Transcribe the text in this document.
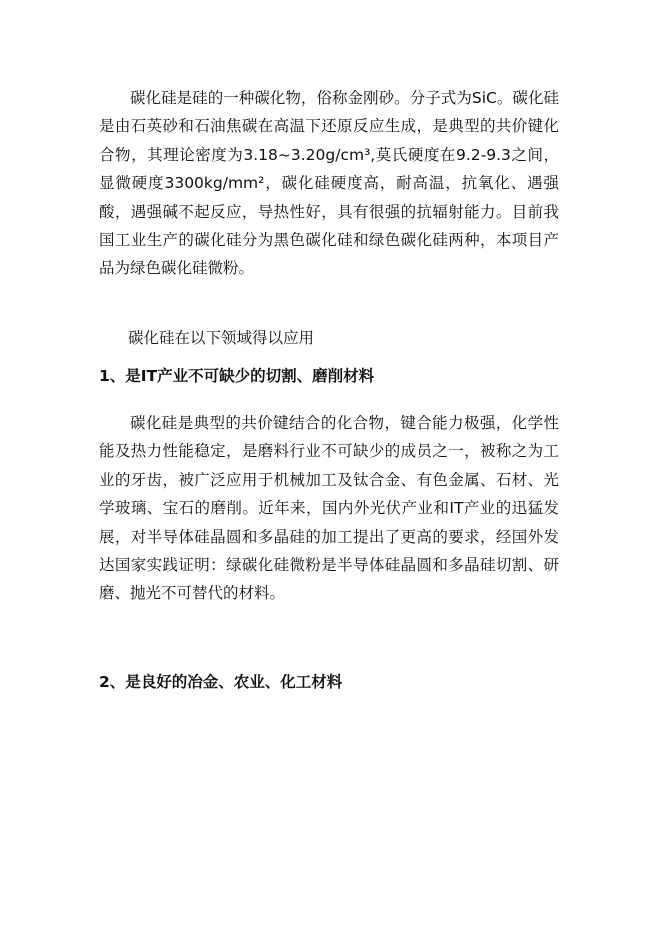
碳化硅是硅的一种碳化物，俗称金刚砂。分子式为SiC。碳化硅是由石英砂和石油焦碳在高温下还原反应生成，是典型的共价键化合物，其理论密度为3.18~3.20g/cm³,莫氏硬度在9.2-9.3之间，显微硬度3300kg/mm²，碳化硅硬度高，耐高温，抗氧化、遇强酸，遇强碱不起反应，导热性好，具有很强的抗辐射能力。目前我国工业生产的碳化硅分为黑色碳化硅和绿色碳化硅两种，本项目产品为绿色碳化硅微粉。

碳化硅在以下领域得以应用

1、是IT产业不可缺少的切割、磨削材料

碳化硅是典型的共价键结合的化合物，键合能力极强，化学性能及热力性能稳定，是磨料行业不可缺少的成员之一，被称之为工业的牙齿，被广泛应用于机械加工及钛合金、有色金属、石材、光学玻璃、宝石的磨削。近年来，国内外光伏产业和IT产业的迅猛发展，对半导体硅晶圆和多晶硅的加工提出了更高的要求，经国外发达国家实践证明：绿碳化硅微粉是半导体硅晶圆和多晶硅切割、研磨、抛光不可替代的材料。

2、是良好的冶金、农业、化工材料
